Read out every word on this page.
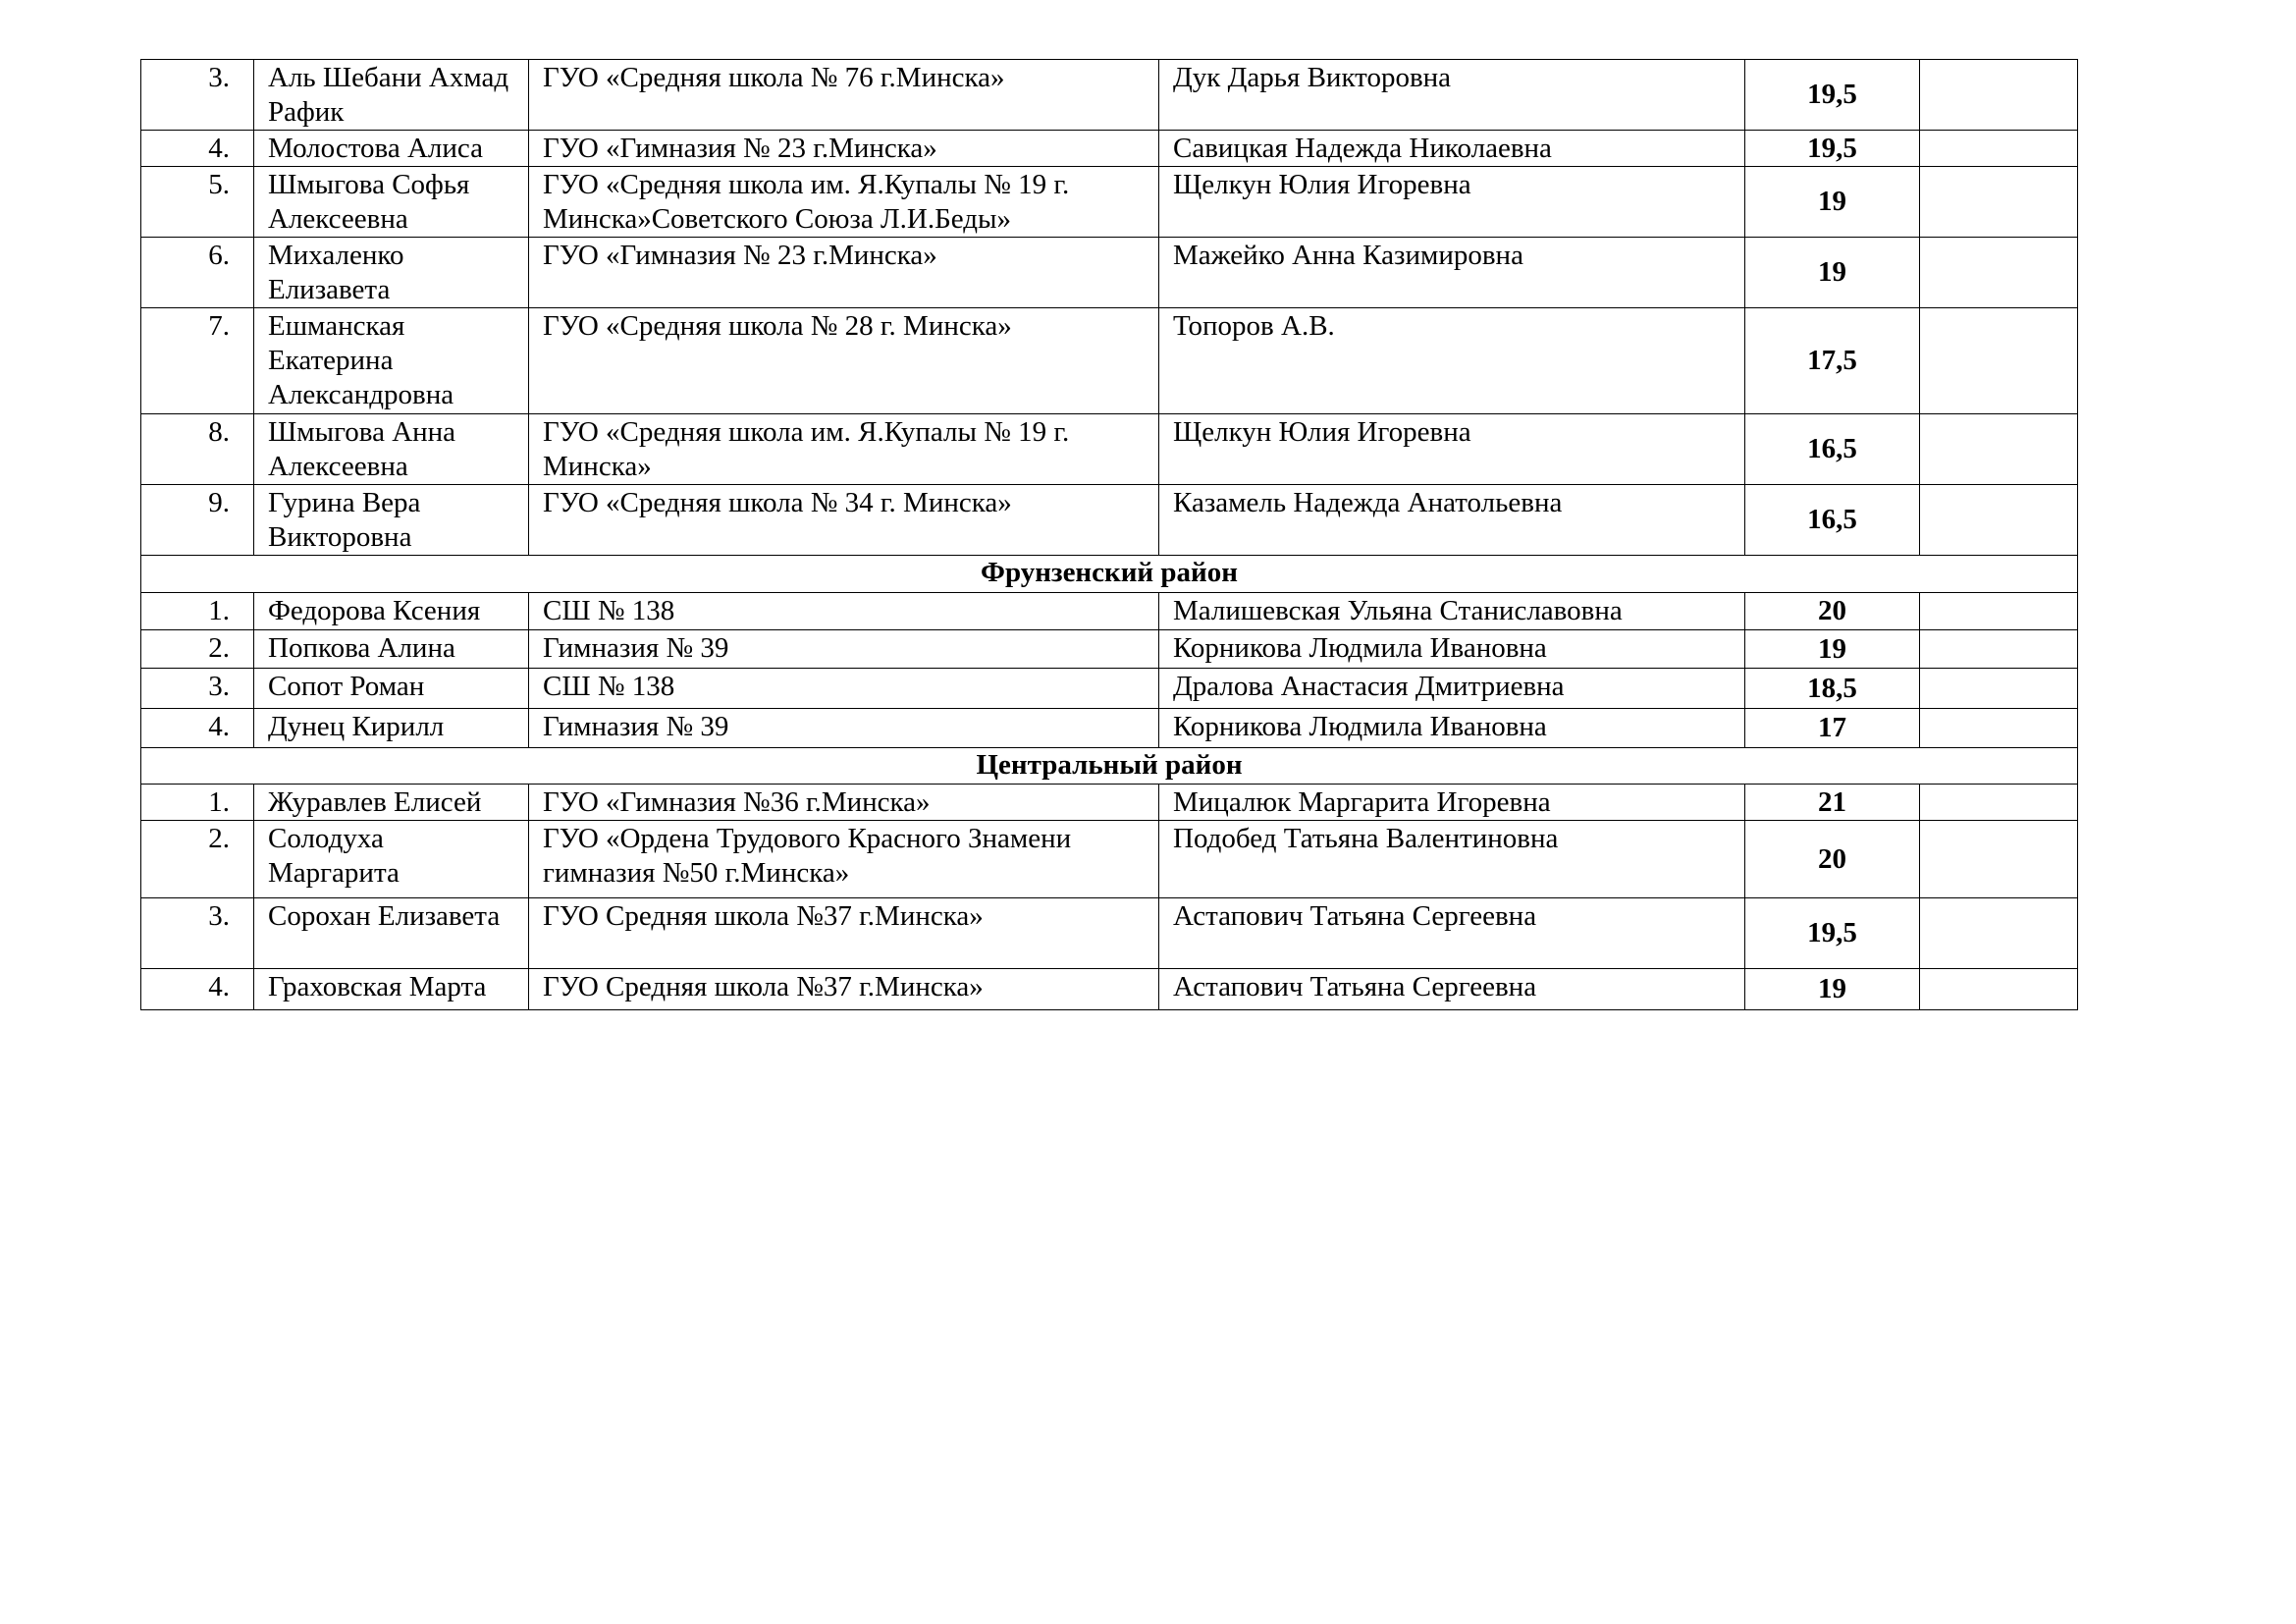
3.	Аль Шебани Ахмад Рафик	ГУО «Средняя школа № 76 г.Минска»	Дук Дарья Викторовна	19,5	
4.	Молостова Алиса	ГУО «Гимназия № 23 г.Минска»	Савицкая Надежда Николаевна	19,5	
5.	Шмыгова Софья Алексеевна	ГУО «Средняя школа им. Я.Купалы № 19 г. Минска»Советского Союза Л.И.Беды»	Щелкун Юлия Игоревна	19	
6.	Михаленко Елизавета	ГУО «Гимназия № 23 г.Минска»	Мажейко Анна Казимировна	19	
7.	Ешманская Екатерина Александровна	ГУО «Средняя школа № 28 г. Минска»	Топоров А.В.	17,5	
8.	Шмыгова Анна Алексеевна	ГУО «Средняя школа им. Я.Купалы № 19 г. Минска»	Щелкун Юлия Игоревна	16,5	
9.	Гурина Вера Викторовна	ГУО «Средняя школа № 34 г. Минска»	Казамель Надежда Анатольевна	16,5	
Фрунзенский район					
1.	Федорова Ксения	СШ № 138	Малишевская Ульяна Станиславовна	20	
2.	Попкова Алина	Гимназия № 39	Корникова Людмила Ивановна	19	
3.	Сопот Роман	СШ № 138	Дралова Анастасия Дмитриевна	18,5	
4.	Дунец Кирилл	Гимназия № 39	Корникова Людмила Ивановна	17	
Центральный район					
1.	Журавлев Елисей	ГУО «Гимназия №36 г.Минска»	Мицалюк Маргарита Игоревна	21	
2.	Солодуха Маргарита	ГУО «Ордена Трудового Красного Знамени гимназия №50 г.Минска»	Подобед Татьяна Валентиновна	20	
3.	Сорохан Елизавета	ГУО Средняя школа №37 г.Минска»	Астапович Татьяна Сергеевна	19,5	
4.	Граховская Марта	ГУО Средняя школа №37 г.Минска»	Астапович Татьяна Сергеевна	19	
